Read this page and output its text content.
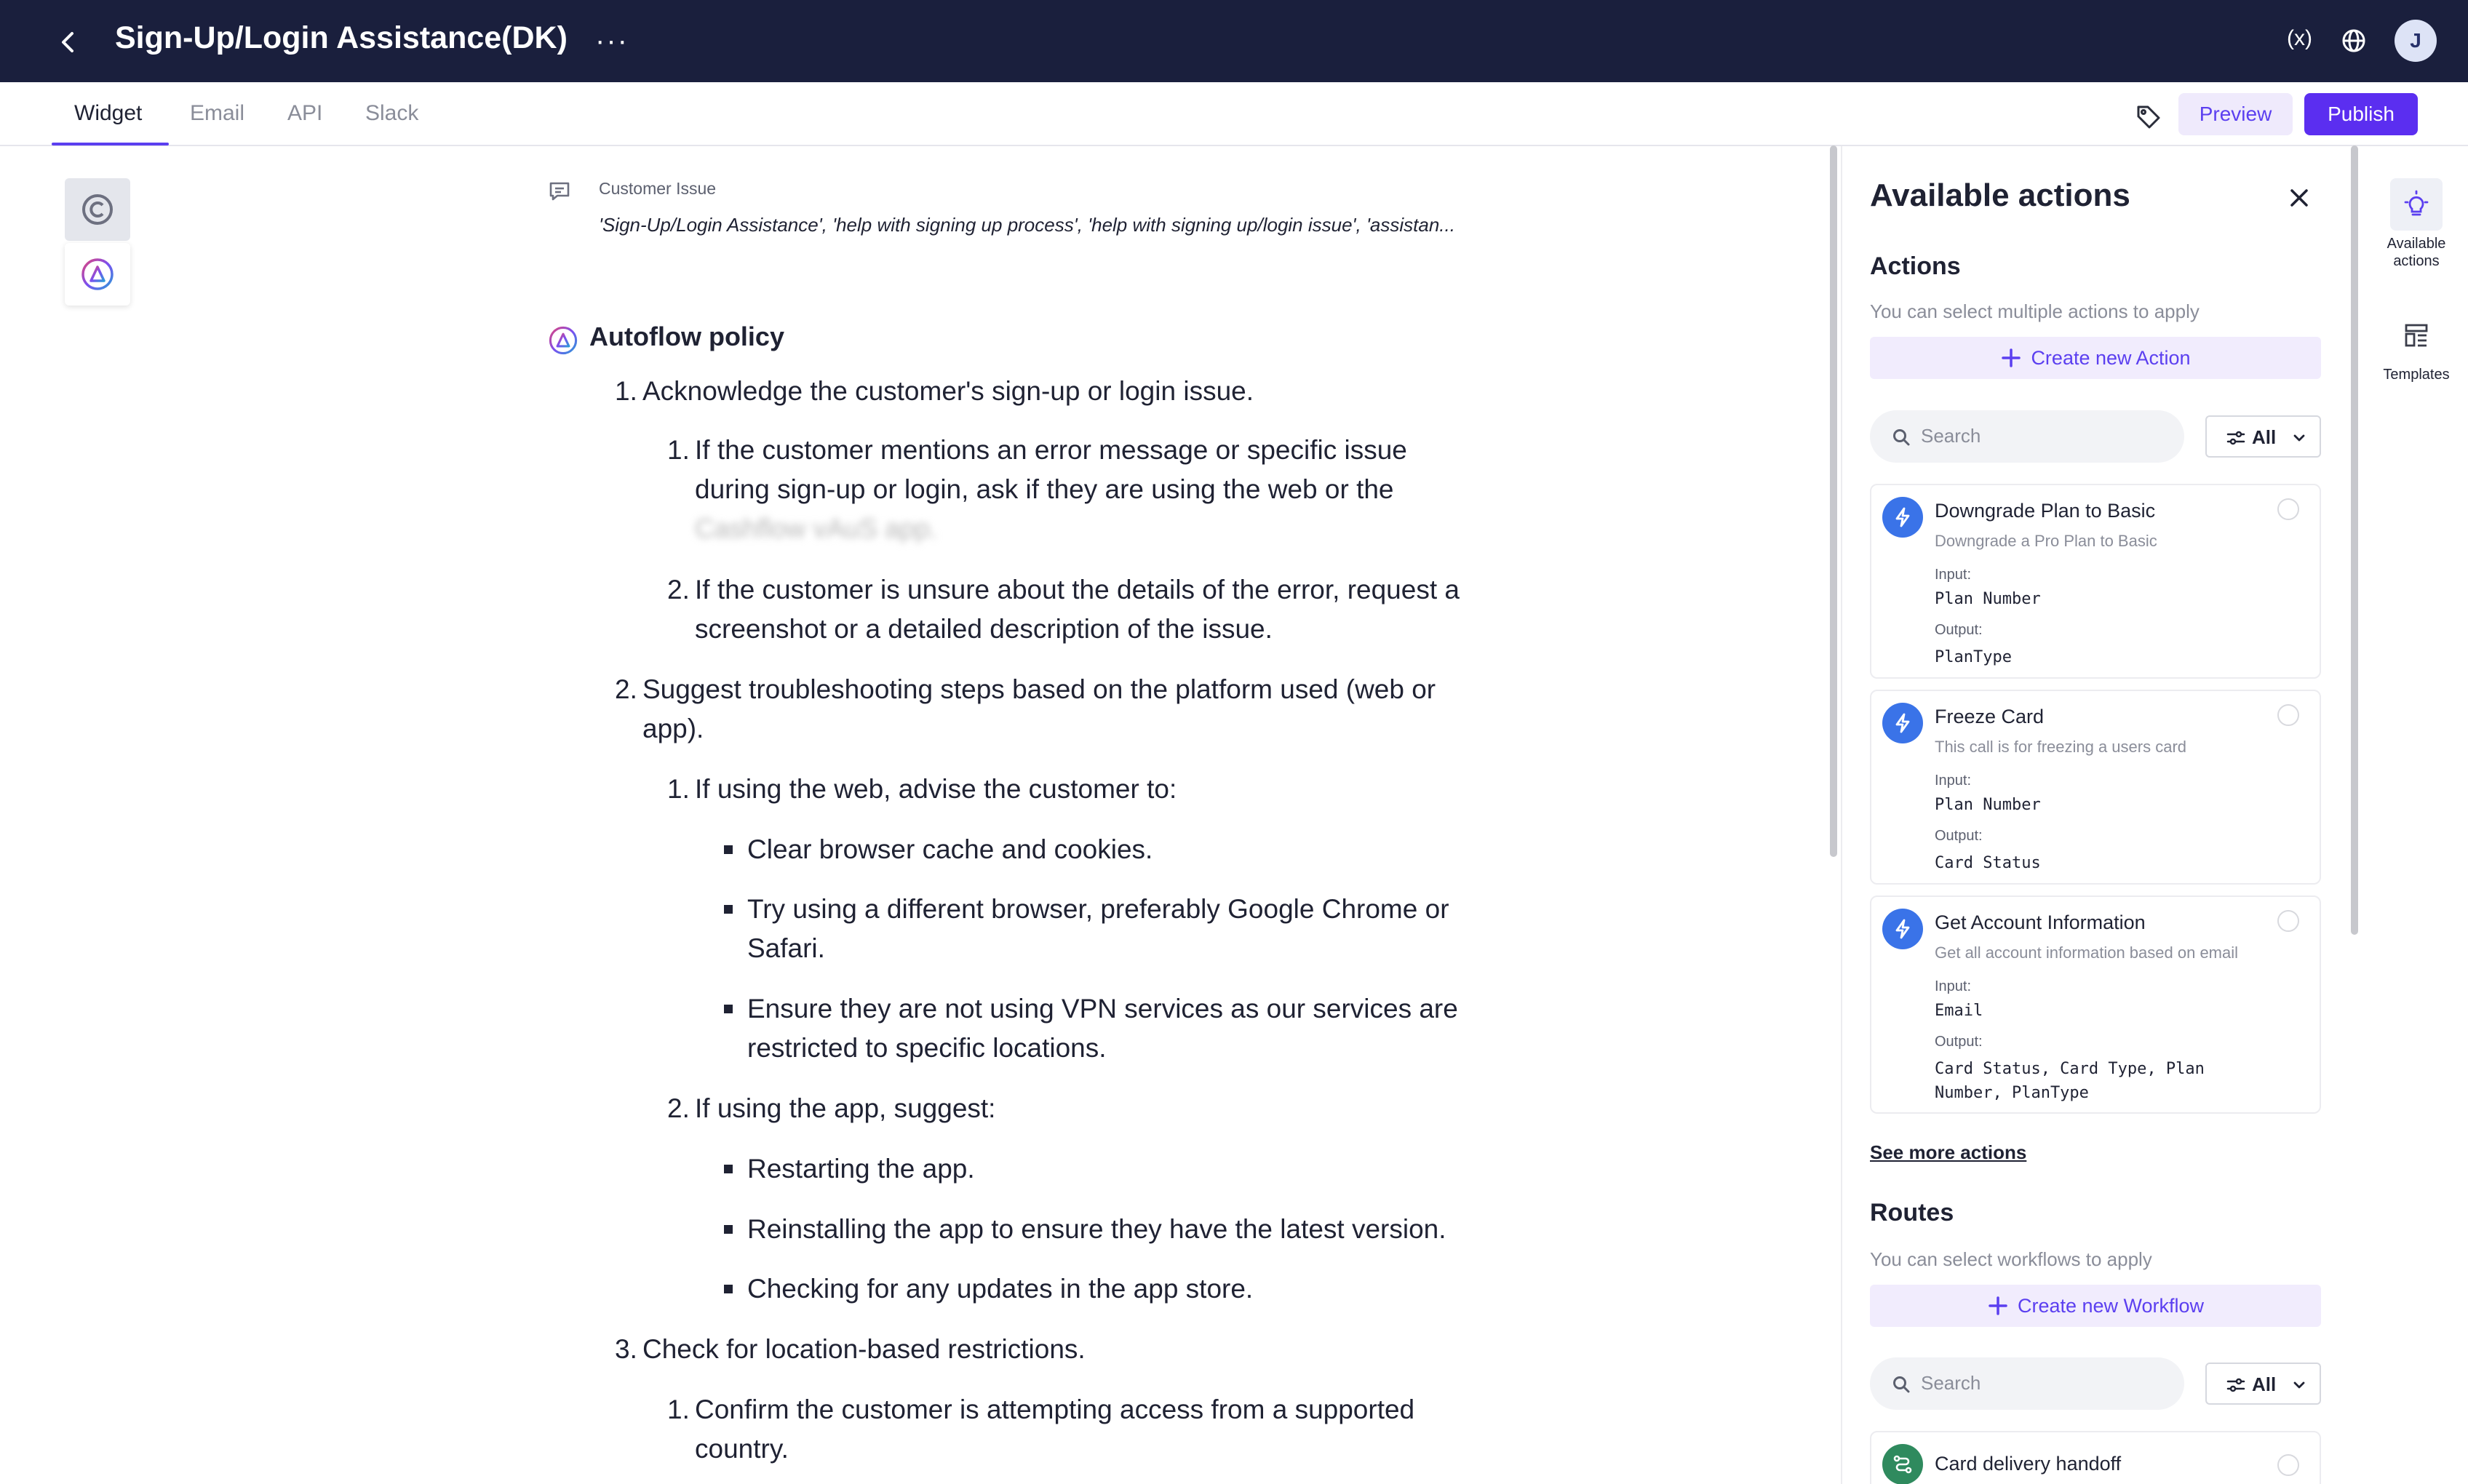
Sign-Up/Login Assistance(DK) ···	(x)	J
Widget Email API Slack	Preview	Publish
Customer Issue
'Sign-Up/Login Assistance', 'help with signing up process', 'help with signing up/login issue', 'assistan...
Autoflow policy
1. Acknowledge the customer's sign-up or login issue.
1. If the customer mentions an error message or specific issue
during sign-up or login, ask if they are using the web or the
Cashflow vAuS app.
2. If the customer is unsure about the details of the error, request a
screenshot or a detailed description of the issue.
2. Suggest troubleshooting steps based on the platform used (web or
app).
1. If using the web, advise the customer to:
Clear browser cache and cookies.
Try using a different browser, preferably Google Chrome or
Safari.
Ensure they are not using VPN services as our services are
restricted to specific locations.
2. If using the app, suggest:
Restarting the app.
Reinstalling the app to ensure they have the latest version.
Checking for any updates in the app store.
3. Check for location-based restrictions.
1. Confirm the customer is attempting access from a supported
country.
Available actions
Actions
You can select multiple actions to apply
Create new Action
Search	All
Downgrade Plan to Basic
Downgrade a Pro Plan to Basic
Input:
Plan Number
Output:
PlanType
Freeze Card
This call is for freezing a users card
Input:
Plan Number
Output:
Card Status
Get Account Information
Get all account information based on email
Input:
Email
Output:
Card Status, Card Type, Plan Number, PlanType
See more actions
Routes
You can select workflows to apply
Create new Workflow
Search	All
Card delivery handoff
Available
actions
Templates
